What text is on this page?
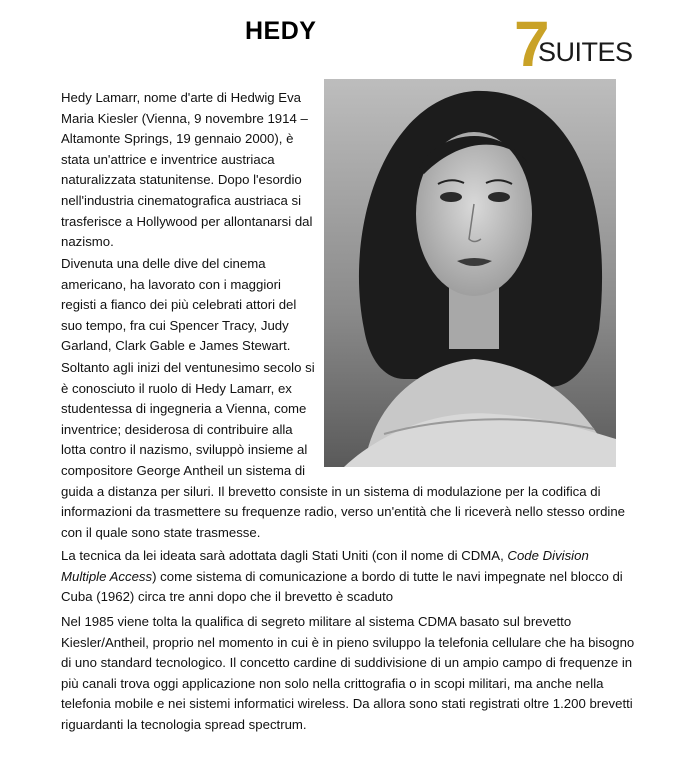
HEDY	7
SUITES

Hedy Lamarr, nome d'arte di Hedwig Eva Maria Kiesler (Vienna, 9 novembre 1914 – Altamonte Springs, 19 gennaio 2000), è stata un'attrice e inventrice austriaca naturalizzata statunitense. Dopo l'esordio nell'industria cinematografica austriaca si trasferisce a Hollywood per allontanarsi dal nazismo.

Divenuta una delle dive del cinema americano, ha lavorato con i maggiori registi a fianco dei più celebrati attori del suo tempo, fra cui Spencer Tracy, Judy Garland, Clark Gable e James Stewart.

Soltanto agli inizi del ventunesimo secolo si
è conosciuto il ruolo di Hedy Lamarr, ex
studentessa di ingegneria a Vienna, come
inventrice; desiderosa di contribuire alla
lotta contro il nazismo, sviluppò insieme al
compositore George Antheil un sistema di
guida a distanza per siluri. Il brevetto consiste in un sistema di modulazione per la codifica di
informazioni da trasmettere su frequenze radio, verso un'entità che li riceverà nello stesso ordine
con il quale sono state trasmesse.

La tecnica da lei ideata sarà adottata dagli Stati Uniti (con il nome di CDMA, Code Division Multiple Access) come sistema di comunicazione a bordo di tutte le navi impegnate nel blocco di Cuba (1962) circa tre anni dopo che il brevetto è scaduto

Nel 1985 viene tolta la qualifica di segreto militare al sistema CDMA basato sul brevetto Kiesler/Antheil, proprio nel momento in cui è in pieno sviluppo la telefonia cellulare che ha bisogno di uno standard tecnologico. Il concetto cardine di suddivisione di un ampio campo di frequenze in più canali trova oggi applicazione non solo nella crittografia o in scopi militari, ma anche nella telefonia mobile e nei sistemi informatici wireless. Da allora sono stati registrati oltre 1.200 brevetti riguardanti la tecnologia spread spectrum.
